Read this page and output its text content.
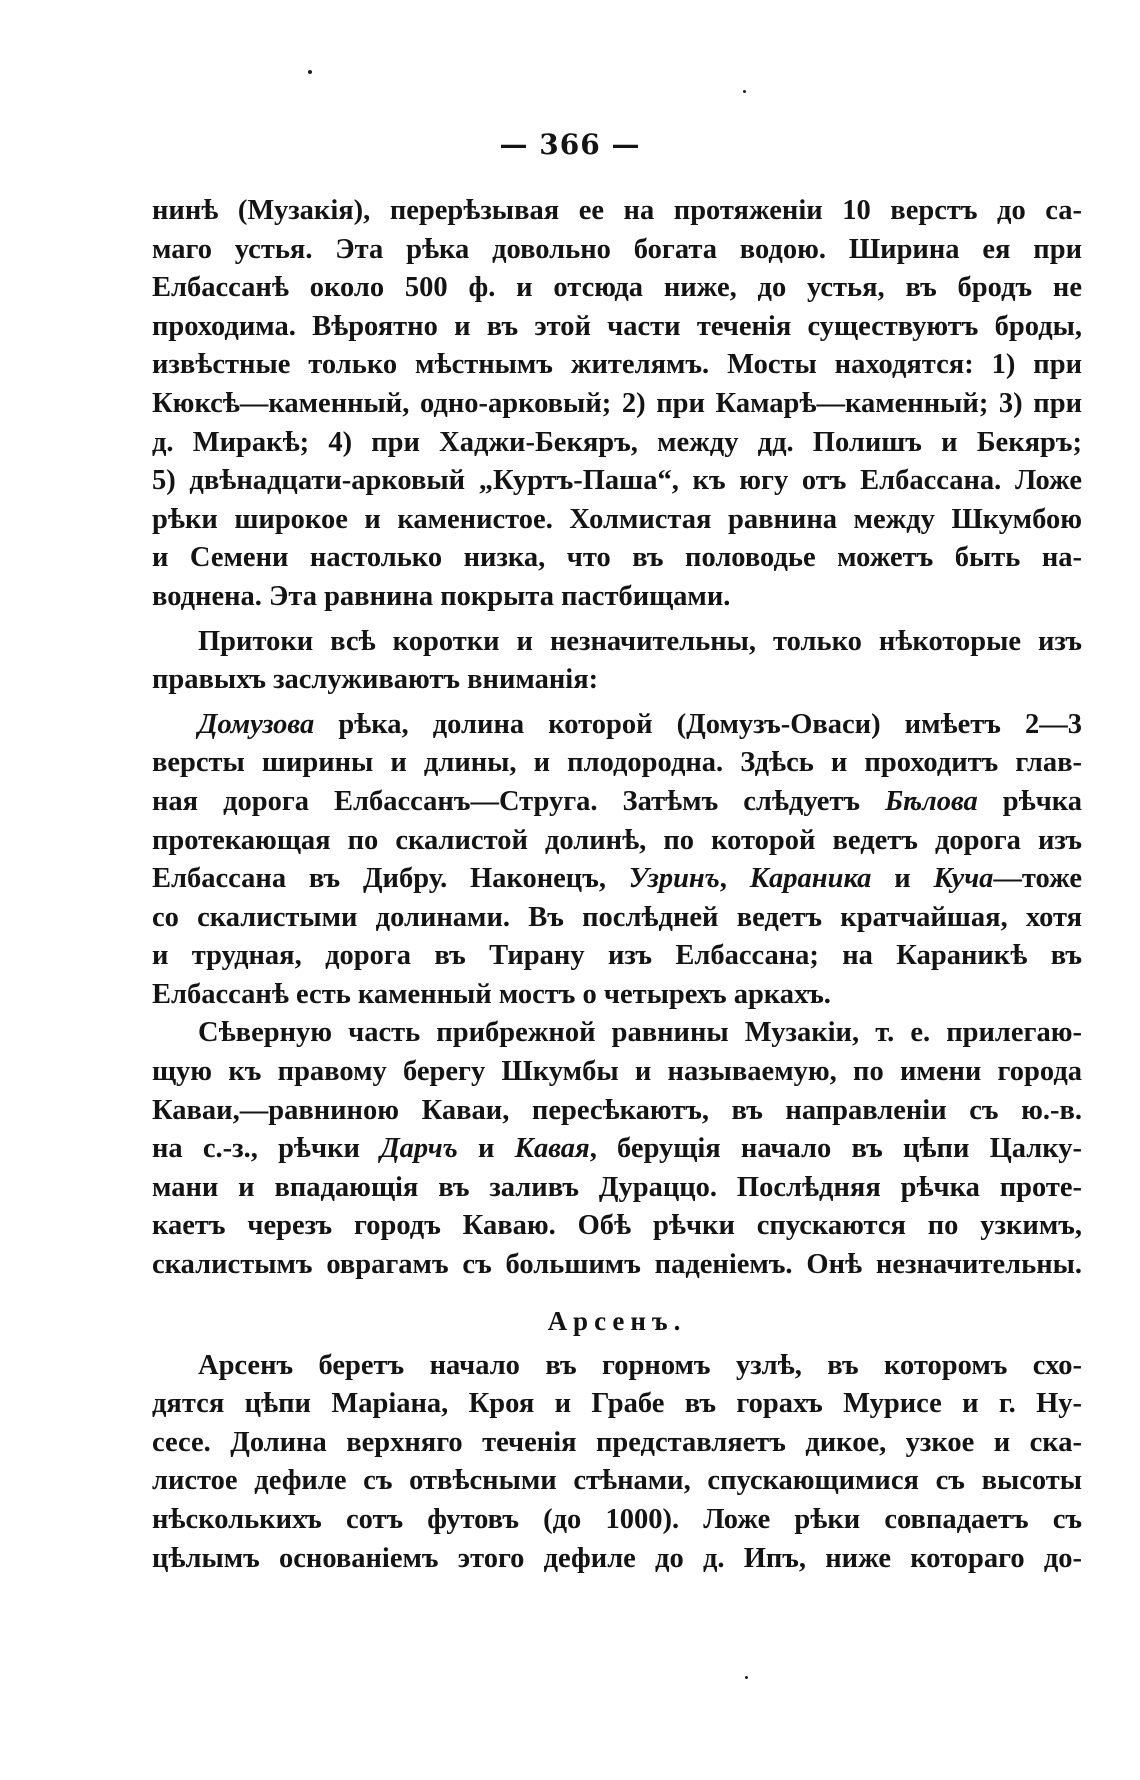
— 366 —
нинѣ (Музакія), перерѣзывая ее на протяженіи 10 верстъ до са-
маго устья. Эта рѣка довольно богата водою. Ширина ея при
Елбассанѣ около 500 ф. и отсюда ниже, до устья, въ бродъ не
проходима. Вѣроятно и въ этой части теченія существуютъ броды,
извѣстные только мѣстнымъ жителямъ. Мосты находятся: 1) при
Кюксѣ—каменный, одно-арковый; 2) при Камарѣ—каменный; 3) при
д. Миракѣ; 4) при Хаджи-Бекяръ, между дд. Полишъ и Бекяръ;
5) двѣнадцати-арковый „Куртъ-Паша“, къ югу отъ Елбассана. Ложе
рѣки широкое и каменистое. Холмистая равнина между Шкумбою
и Семени настолько низка, что въ половодье можетъ быть на-
воднена. Эта равнина покрыта пастбищами.
Притоки всѣ коротки и незначительны, только нѣкоторые изъ
правыхъ заслуживаютъ вниманія:
Домузова рѣка, долина которой (Домузъ-Оваси) имѣетъ 2—3
версты ширины и длины, и плодородна. Здѣсь и проходитъ глав-
ная дорога Елбассанъ—Струга. Затѣмъ слѣдуетъ Бѣлова рѣчка
протекающая по скалистой долинѣ, по которой ведетъ дорога изъ
Елбассана въ Дибру. Наконецъ, Узринъ, Караника и Куча—тоже
со скалистыми долинами. Въ послѣдней ведетъ кратчайшая, хотя
и трудная, дорога въ Тирану изъ Елбассана; на Караникѣ въ
Елбассанѣ есть каменный мостъ о четырехъ аркахъ.
Сѣверную часть прибрежной равнины Музакіи, т. е. прилегаю-
щую къ правому берегу Шкумбы и называемую, по имени города
Каваи,—равниною Каваи, пересѣкаютъ, въ направленіи съ ю.-в.
на с.-з., рѣчки Дарчъ и Кавая, берущія начало въ цѣпи Цалку-
мани и впадающія въ заливъ Дураццо. Послѣдняя рѣчка проте-
каетъ черезъ городъ Каваю. Обѣ рѣчки спускаются по узкимъ,
скалистымъ оврагамъ съ большимъ паденіемъ. Онѣ незначительны.
Арсенъ.
Арсенъ беретъ начало въ горномъ узлѣ, въ которомъ схо-
дятся цѣпи Маріана, Кроя и Грабе въ горахъ Мурисе и г. Ну-
сесе. Долина верхняго теченія представляетъ дикое, узкое и ска-
листое дефиле съ отвѣсными стѣнами, спускающимися съ высоты
нѣсколькихъ сотъ футовъ (до 1000). Ложе рѣки совпадаетъ съ
цѣлымъ основаніемъ этого дефиле до д. Ипъ, ниже котораго до-
